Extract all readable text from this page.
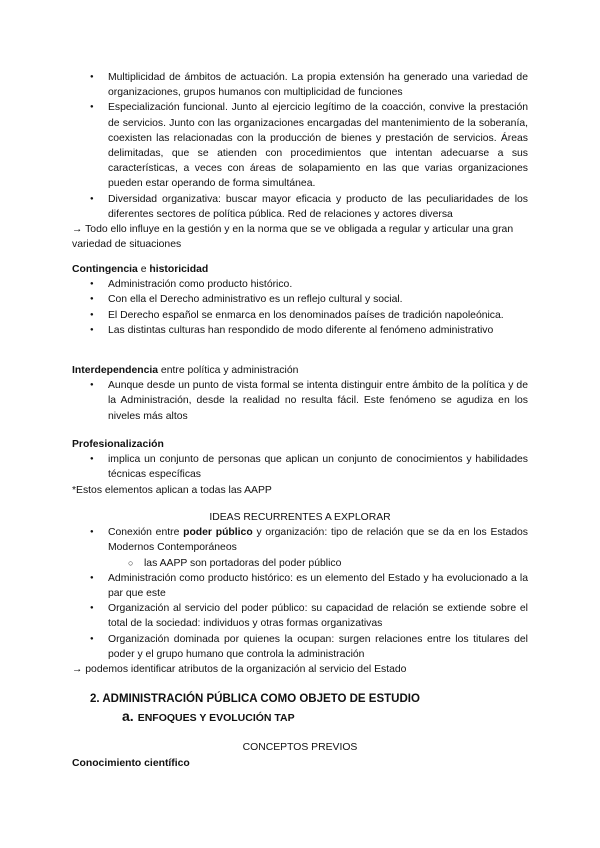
● Multiplicidad de ámbitos de actuación. La propia extensión ha generado una variedad de organizaciones, grupos humanos con multiplicidad de funciones
● Especialización funcional. Junto al ejercicio legítimo de la coacción, convive la prestación de servicios. Junto con las organizaciones encargadas del mantenimiento de la soberanía, coexisten las relacionadas con la producción de bienes y prestación de servicios. Áreas delimitadas, que se atienden con procedimientos que intentan adecuarse a sus características, a veces con áreas de solapamiento en las que varias organizaciones pueden estar operando de forma simultánea.
● Diversidad organizativa: buscar mayor eficacia y producto de las peculiaridades de los diferentes sectores de política pública. Red de relaciones y actores diversa

→ Todo ello influye en la gestión y en la norma que se ve obligada a regular y articular una gran variedad de situaciones

Contingencia e historicidad

● Administración como producto histórico.
● Con ella el Derecho administrativo es un reflejo cultural y social.
● El Derecho español se enmarca en los denominados países de tradición napoleónica.
● Las distintas culturas han respondido de modo diferente al fenómeno administrativo

Interdependencia entre política y administración

● Aunque desde un punto de vista formal se intenta distinguir entre ámbito de la política y de la Administración, desde la realidad no resulta fácil. Este fenómeno se agudiza en los niveles más altos

Profesionalización

● implica un conjunto de personas que aplican un conjunto de conocimientos y habilidades técnicas específicas

*Estos elementos aplican a todas las AAPP

IDEAS RECURRENTES A EXPLORAR

● Conexión entre poder público y organización: tipo de relación que se da en los Estados Modernos Contemporáneos
○ las AAPP son portadoras del poder público
● Administración como producto histórico: es un elemento del Estado y ha evolucionado a la par que este
● Organización al servicio del poder público: su capacidad de relación se extiende sobre el total de la sociedad: individuos y otras formas organizativas
● Organización dominada por quienes la ocupan: surgen relaciones entre los titulares del poder y el grupo humano que controla la administración

→ podemos identificar atributos de la organización al servicio del Estado

2. ADMINISTRACIÓN PÚBLICA COMO OBJETO DE ESTUDIO

a. ENFOQUES Y EVOLUCIÓN TAP

CONCEPTOS PREVIOS

Conocimiento científico
